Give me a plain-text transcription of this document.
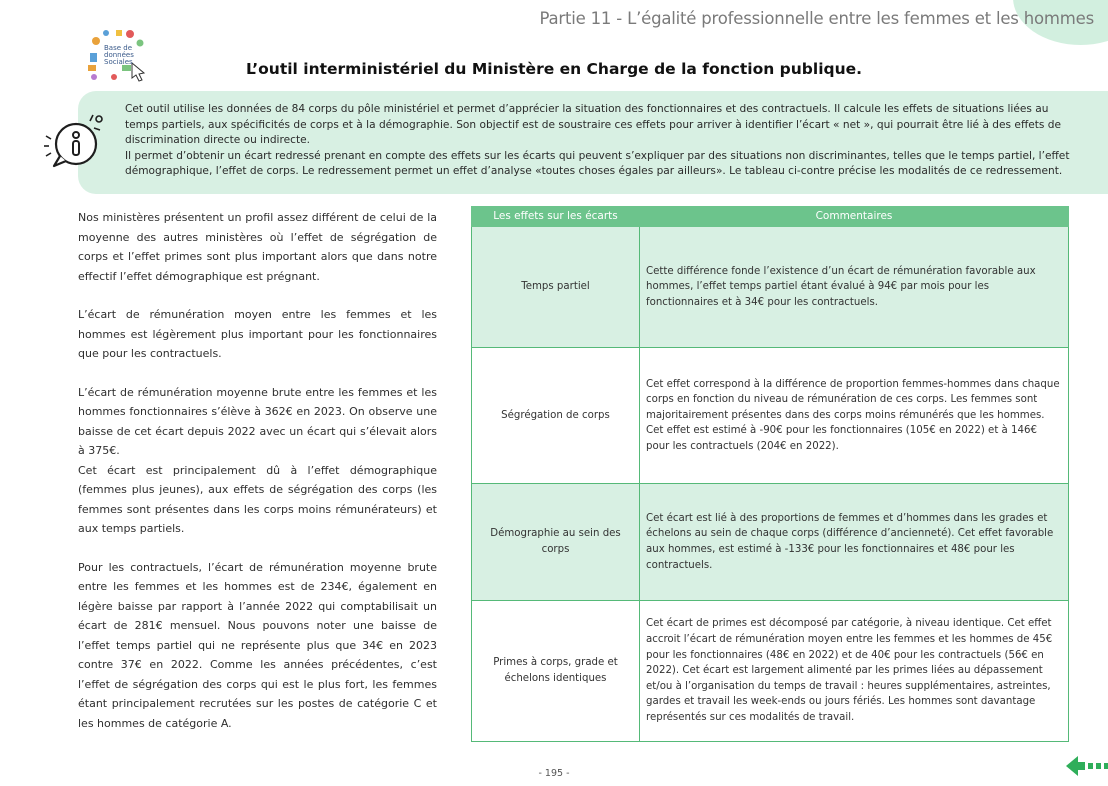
Partie 11 - L’égalité professionnelle entre les femmes et les hommes
Base de
données
Sociales	L’outil interministériel du Ministère en Charge de la fonction publique.

Cet outil utilise les données de 84 corps du pôle ministériel et permet d’apprécier la situation des fonctionnaires et des contractuels. Il calcule les effets de situations liées au temps partiels, aux spécificités de corps et à la démographie. Son objectif est de soustraire ces effets pour arriver à identifier l’écart « net », qui pourrait être lié à des effets de discrimination directe ou indirecte.

Il permet d’obtenir un écart redressé prenant en compte des effets sur les écarts qui peuvent s’expliquer par des situations non discriminantes, telles que le temps partiel, l’effet démographique, l’effet de corps. Le redressement permet un effet d’analyse «toutes choses égales par ailleurs». Le tableau ci-contre précise les modalités de ce redressement.

Nos ministères présentent un profil assez différent de celui de la moyenne des autres ministères où l’effet de ségrégation de corps et l’effet primes sont plus important alors que dans notre effectif l’effet démographique est prégnant.

L’écart de rémunération moyen entre les femmes et les hommes est légèrement plus important pour les fonctionnaires que pour les contractuels.

L’écart de rémunération moyenne brute entre les femmes et les hommes fonctionnaires s’élève à 362€ en 2023. On observe une baisse de cet écart depuis 2022 avec un écart qui s’élevait alors à 375€.

Cet écart est principalement dû à l’effet démographique (femmes plus jeunes), aux effets de ségrégation des corps (les femmes sont présentes dans les corps moins rémunérateurs) et aux temps partiels.

Pour les contractuels, l’écart de rémunération moyenne brute entre les femmes et les hommes est de 234€, également en légère baisse par rapport à l’année 2022 qui comptabilisait un écart de 281€ mensuel. Nous pouvons noter une baisse de l’effet temps partiel qui ne représente plus que 34€ en 2023 contre 37€ en 2022. Comme les années précédentes, c’est l’effet de ségrégation des corps qui est le plus fort, les femmes étant principalement recrutées sur les postes de catégorie C et les hommes de catégorie A.

Les effets sur les écarts	Commentaires
Temps partiel	Cette différence fonde l’existence d’un écart de rémunération favorable aux hommes, l’effet temps partiel étant évalué à 94€ par mois pour les fonctionnaires et à 34€ pour les contractuels.
Ségrégation de corps	Cet effet correspond à la différence de proportion femmes-hommes dans chaque corps en fonction du niveau de rémunération de ces corps. Les femmes sont majoritairement présentes dans des corps moins rémunérés que les hommes. Cet effet est estimé à -90€ pour les fonctionnaires (105€ en 2022) et à 146€ pour les contractuels (204€ en 2022).
Démographie au sein des corps	Cet écart est lié à des proportions de femmes et d’hommes dans les grades et échelons au sein de chaque corps (différence d’ancienneté). Cet effet favorable aux hommes, est estimé à -133€ pour les fonctionnaires et 48€ pour les contractuels.
Primes à corps, grade et échelons identiques	Cet écart de primes est décomposé par catégorie, à niveau identique. Cet effet accroit l’écart de rémunération moyen entre les femmes et les hommes de 45€ pour les fonctionnaires (48€ en 2022) et de 40€ pour les contractuels (56€ en 2022). Cet écart est largement alimenté par les primes liées au dépassement et/ou à l’organisation du temps de travail : heures supplémentaires, astreintes, gardes et travail les week-ends ou jours fériés. Les hommes sont davantage représentés sur ces modalités de travail.
- 195 -
